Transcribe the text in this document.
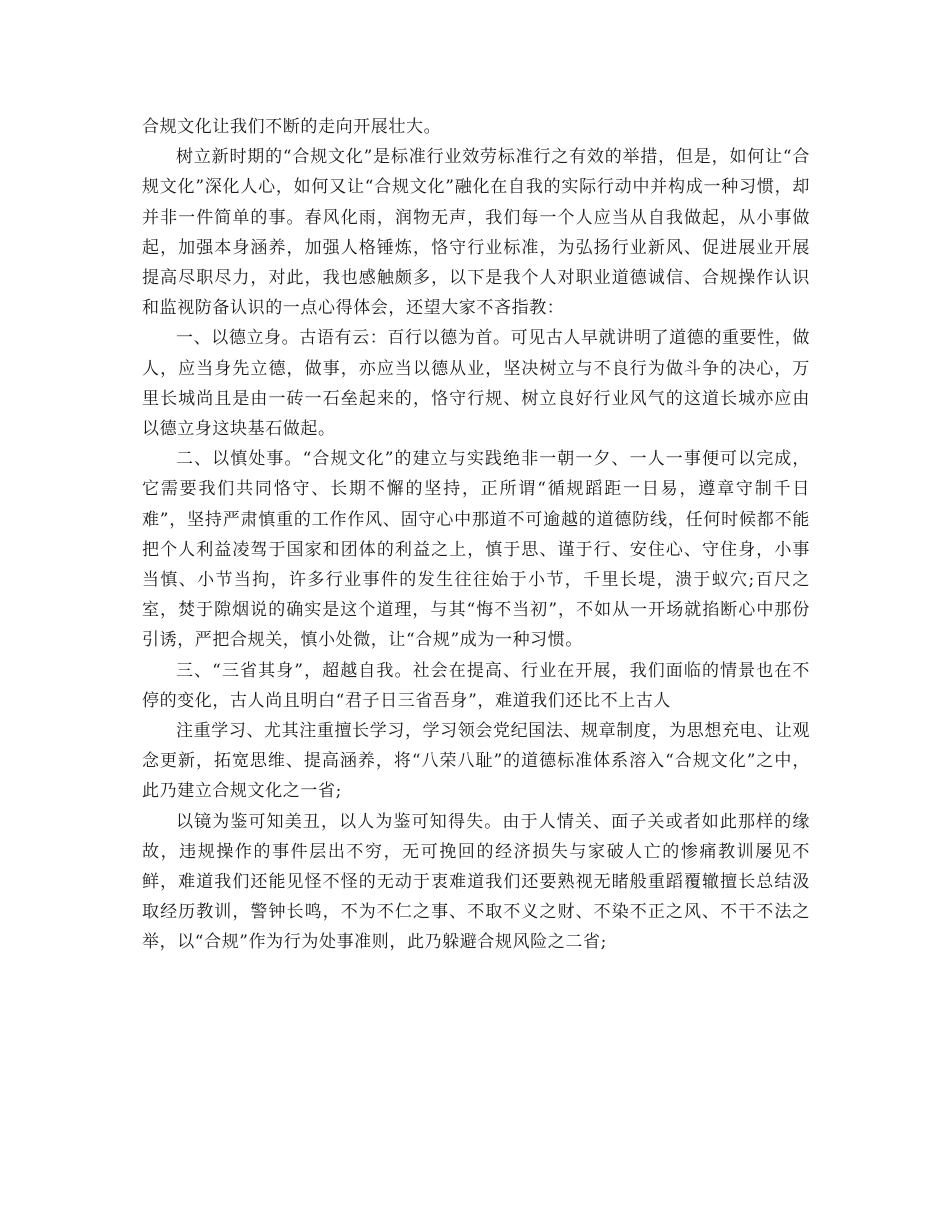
合规文化让我们不断的走向开展壮大。

树立新时期的“合规文化”是标准行业效劳标准行之有效的举措，但是，如何让“合规文化”深化人心，如何又让“合规文化”融化在自我的实际行动中并构成一种习惯，却并非一件简单的事。春风化雨，润物无声，我们每一个人应当从自我做起，从小事做起，加强本身涵养，加强人格锤炼，恪守行业标准，为弘扬行业新风、促进展业开展提高尽职尽力，对此，我也感触颇多，以下是我个人对职业道德诚信、合规操作认识和监视防备认识的一点心得体会，还望大家不吝指教：

一、以德立身。古语有云：百行以德为首。可见古人早就讲明了道德的重要性，做人，应当身先立德，做事，亦应当以德从业，坚决树立与不良行为做斗争的决心，万里长城尚且是由一砖一石垒起来的，恪守行规、树立良好行业风气的这道长城亦应由以德立身这块基石做起。

二、以慎处事。“合规文化”的建立与实践绝非一朝一夕、一人一事便可以完成，它需要我们共同恪守、长期不懈的坚持，正所谓“循规蹈距一日易，遵章守制千日难”，坚持严肃慎重的工作作风、固守心中那道不可逾越的道德防线，任何时候都不能把个人利益凌驾于国家和团体的利益之上，慎于思、谨于行、安住心、守住身，小事当慎、小节当拘，许多行业事件的发生往往始于小节，千里长堤，溃于蚁穴;百尺之室，焚于隙烟说的确实是这个道理，与其“悔不当初”，不如从一开场就掐断心中那份引诱，严把合规关，慎小处微，让“合规”成为一种习惯。

三、“三省其身”，超越自我。社会在提高、行业在开展，我们面临的情景也在不停的变化，古人尚且明白“君子日三省吾身”，难道我们还比不上古人

注重学习、尤其注重擅长学习，学习领会党纪国法、规章制度，为思想充电、让观念更新，拓宽思维、提高涵养，将“八荣八耻”的道德标准体系溶入“合规文化”之中，此乃建立合规文化之一省;

以镜为鉴可知美丑，以人为鉴可知得失。由于人情关、面子关或者如此那样的缘故，违规操作的事件层出不穷，无可挽回的经济损失与家破人亡的惨痛教训屡见不鲜，难道我们还能见怪不怪的无动于衷难道我们还要熟视无睹般重蹈覆辙擅长总结汲取经历教训，警钟长鸣，不为不仁之事、不取不义之财、不染不正之风、不干不法之举，以“合规”作为行为处事准则，此乃躲避合规风险之二省;
